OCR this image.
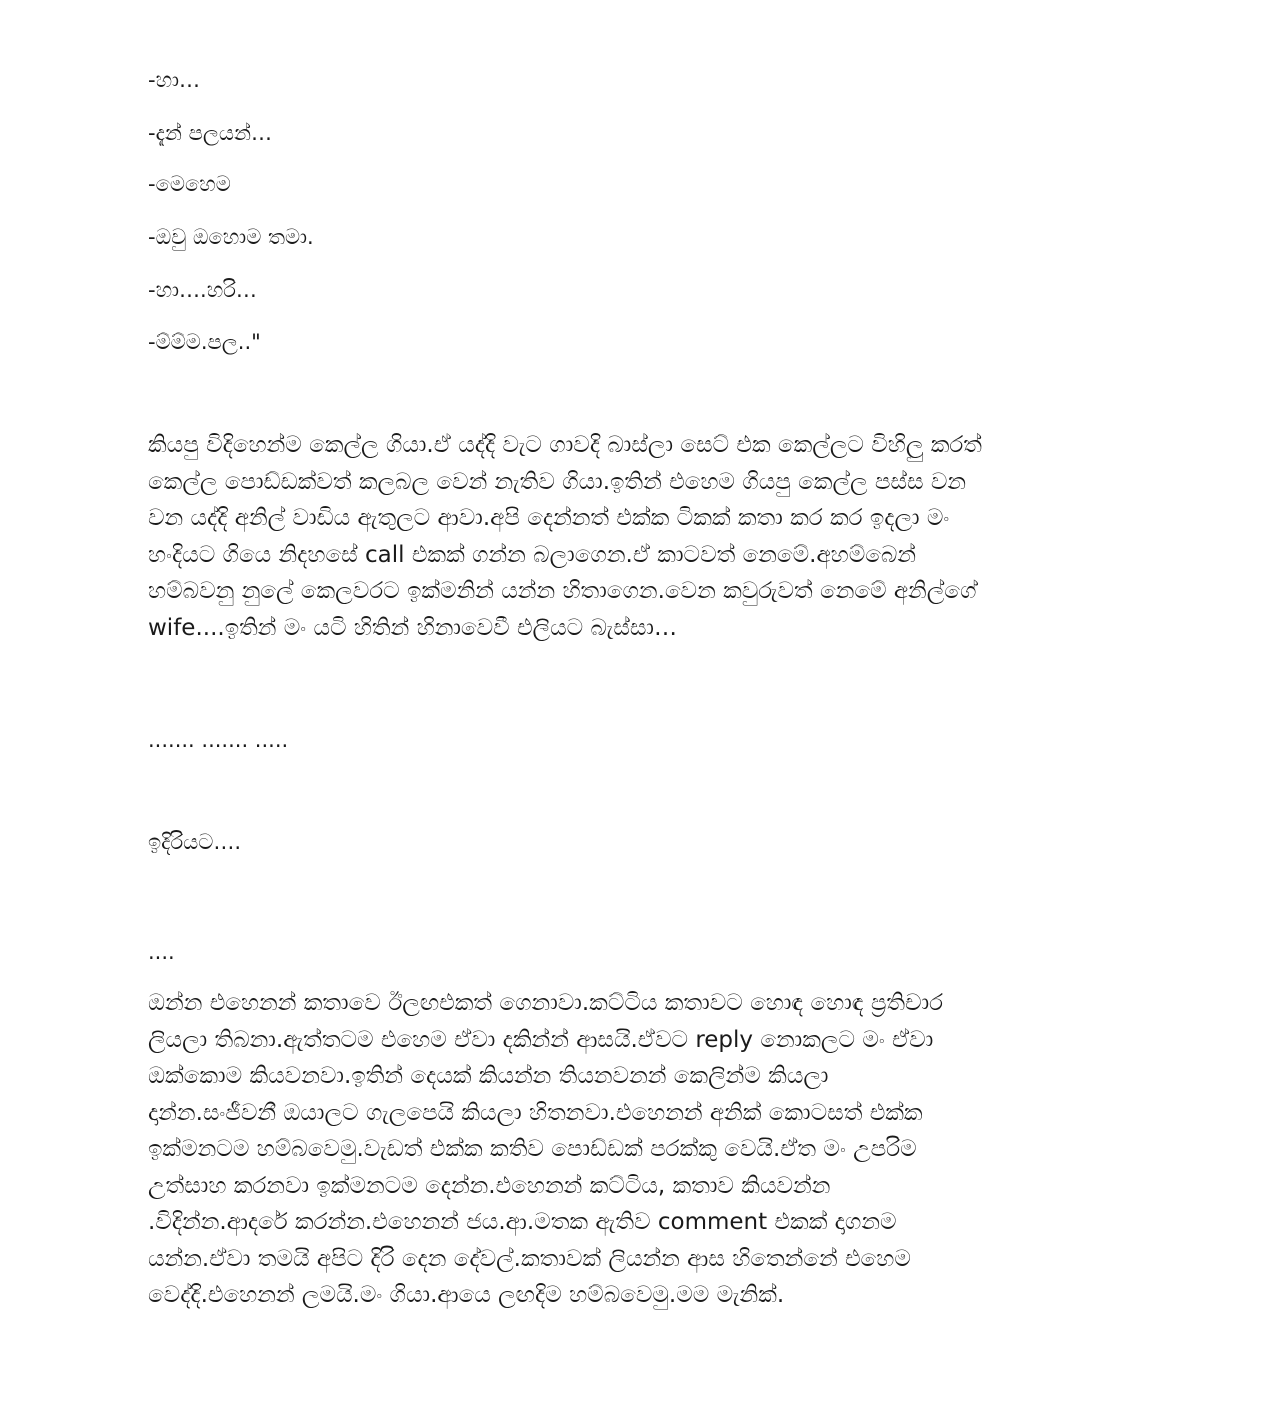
-හා…
-දැන් පලයන්…
-මෙහෙම
-ඔවු ඔහොම තමා.
-හා….හරි…
-ම්ම්ම.පල.."
කියපු විදිහෙන්ම කෙල්ල ගියා.ඒ යද්දි වැට ගාවදි බාස්ලා සෙට් එක කෙල්ලට විහිලු කරත්
කෙල්ල පොඩ්ඩක්වත් කලබල වෙන් නැතිව ගියා.ඉතින් එහෙම ගියපු කෙල්ල පස්ස වන
වන යද්දි අනිල් වාඩිය ඇතුලට ආවා.අපි දෙන්නත් එක්ක ටිකක් කතා කර කර ඉදලා මං
හංදියට ගියෙ නිදහසේ call එකක් ගන්න බලාගෙන.ඒ කාටවත් නෙමේ.අහම්බෙන්
හම්බවනු නුලේ කෙලවරට ඉක්මනින් යන්න හිතාගෙන.වෙන කවුරුවත් නෙමේ අනිල්ගේ
wife....ඉතින් මං යටි හිතින් හිනාවෙවී එලියට බැස්සා…
....... ....... .....
ඉදිරියට….
....
ඔන්න එහෙනන් කතාවෙ ඊලඟඑකත් ගෙනාවා.කට්ටිය කතාවට හොඳ හොඳ ප්‍රතිචාර
ලියලා තිබනා.ඇත්තටම එහෙම ඒවා දකින්න් ආසයි.ඒවට reply නොකලට මං ඒවා
ඔක්කොම කියවනවා.ඉතින් දෙයක් කියන්න තියනවනන් කෙලින්ම කියලා
දාන්න.සංජීවනී ඔයාලට ගැලපෙයි කියලා හිතනවා.එහෙනන් අනික් කොටසත් එක්ක
ඉක්මනටම හම්බවෙමු.වැඩත් එක්ක කතිව පොඩ්ඩක් පරක්කු වෙයි.ඒත මං උපරිම
උත්සාහ කරනවා ඉක්මනටම දෙන්න.එහෙනන් කට්ටිය, කතාව කියවන්න
.විදින්න.ආදරේ කරන්න.එහෙනන් ජය.ආ.මතක ඇතිව comment එකක් දාගනම
යන්න.ඒවා තමයි අපිට දිරි දෙන දේවල්.කතාවක් ලියන්න ආස හිතෙන්නේ එහෙම
වෙද්දි.එහෙනන් ලමයි.මං ගියා.ආයෙ ලඟදිම හම්බවෙමු.මම මැනික්.
